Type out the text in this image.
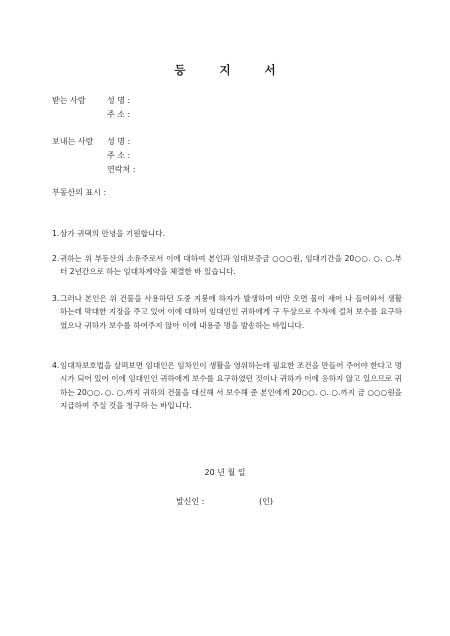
등 지 서
받는 사람	성 명 :
주 소 :
보내는 사람 성 명 :
주 소 :
연락처 :
부동산의 표시 :
1. 삼가 귀댁의 안녕을 기원합니다.
2. 귀하는 위 부동산의 소유주로서 이에 대하여 본인과 임대보증금 ○○○원, 임대기간을 20○○. ○. ○.부터 2년간으로 하는 임대차계약을 체결한 바 있습니다.
3. 그러나 본인은 위 건물을 사용하던 도중 지붕에 하자가 발생하여 비만 오면 물이 새어 나 들어와서 생활하는데 막대한 지장을 주고 있어 이에 대하여 임대인인 귀하에게 구 두상으로 수차에 걸쳐 보수를 요구하였으나 귀하가 보수를 하여주지 않아 이에 내용증 명을 발송하는 바입니다.
4. 임대차보호법을 살펴보면 임대인은 임차인이 생활을 영위하는데 필요한 조건을 만들어 주어야 한다고 명시가 되어 있어 이에 임대인인 귀하에게 보수를 요구하였던 것이나 귀하가 이에 응하지 않고 있으므로 귀하는 20○○. ○. ○.까지 귀하의 건물을 대신해 서 보수해 준 본인에게 20○○. ○. ○.까지 금 ○○○원을 지급하여 주실 것을 청구하 는 바입니다.
20 년 월 일
발신인 :	(인)
